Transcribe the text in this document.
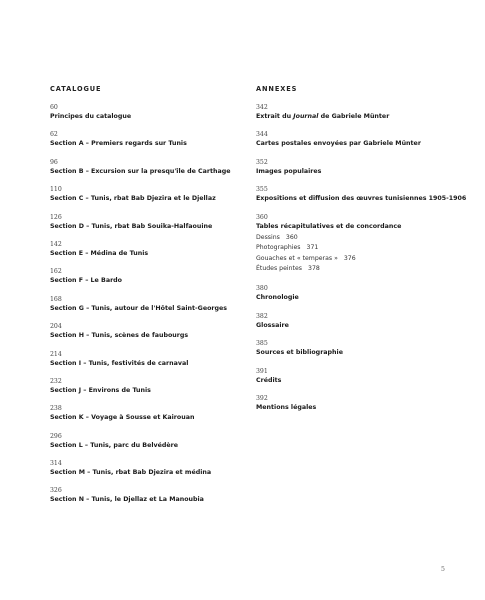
CATALOGUE
60
Principes du catalogue
62
Section A – Premiers regards sur Tunis
96
Section B – Excursion sur la presqu'île de Carthage
110
Section C – Tunis, rbat Bab Djezira et le Djellaz
126
Section D – Tunis, rbat Bab Souika-Halfaouine
142
Section E – Médina de Tunis
162
Section F – Le Bardo
168
Section G – Tunis, autour de l'Hôtel Saint-Georges
204
Section H – Tunis, scènes de faubourgs
214
Section I – Tunis, festivités de carnaval
232
Section J – Environs de Tunis
238
Section K – Voyage à Sousse et Kairouan
296
Section L – Tunis, parc du Belvédère
314
Section M – Tunis, rbat Bab Djezira et médina
326
Section N – Tunis, le Djellaz et La Manoubia
ANNEXES
342
Extrait du Journal de Gabriele Münter
344
Cartes postales envoyées par Gabriele Münter
352
Images populaires
355
Expositions et diffusion des œuvres tunisiennes 1905-1906
360
Tables récapitulatives et de concordance
Dessins 360
Photographies 371
Gouaches et « temperas » 376
Études peintes 378
380
Chronologie
382
Glossaire
385
Sources et bibliographie
391
Crédits
392
Mentions légales
5
